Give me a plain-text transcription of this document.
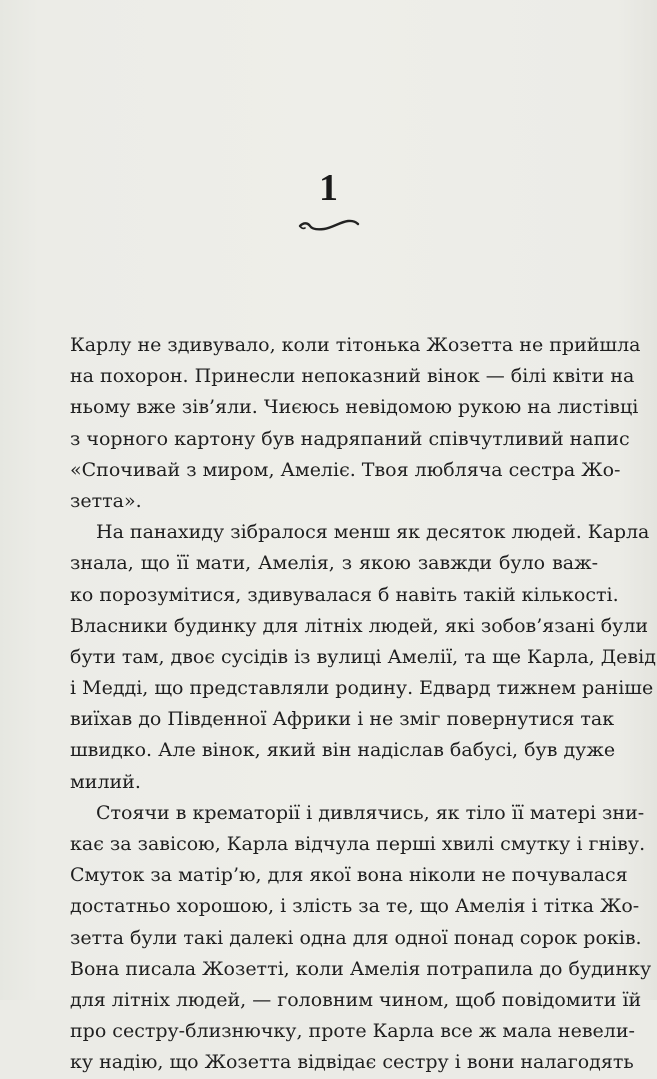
1
Карлу не здивувало, коли тітонька Жозетта не прийшла
на похорон. Принесли непоказний вінок — білі квіти на
ньому вже зів’яли. Чиєюсь невідомою рукою на листівці
з чорного картону був надряпаний співчутливий напис
«Спочивай з миром, Амеліє. Твоя любляча сестра Жо-
зетта».
На панахиду зібралося менш як десяток людей. Карла
знала, що її мати, Амелія, з якою завжди було важ-
ко порозумітися, здивувалася б навіть такій кількості.
Власники будинку для літніх людей, які зобов’язані були
бути там, двоє сусідів із вулиці Амелії, та ще Карла, Девід
і Медді, що представляли родину. Едвард тижнем раніше
виїхав до Південної Африки і не зміг повернутися так
швидко. Але вінок, який він надіслав бабусі, був дуже
милий.
Стоячи в крематорії і дивлячись, як тіло її матері зни-
кає за завісою, Карла відчула перші хвилі смутку і гніву.
Смуток за матір’ю, для якої вона ніколи не почувалася
достатньо хорошою, і злість за те, що Амелія і тітка Жо-
зетта були такі далекі одна для одної понад сорок років.
Вона писала Жозетті, коли Амелія потрапила до будинку
для літніх людей, — головним чином, щоб повідомити їй
про сестру-близнючку, проте Карла все ж мала невели-
ку надію, що Жозетта відвідає сестру і вони налагодять
